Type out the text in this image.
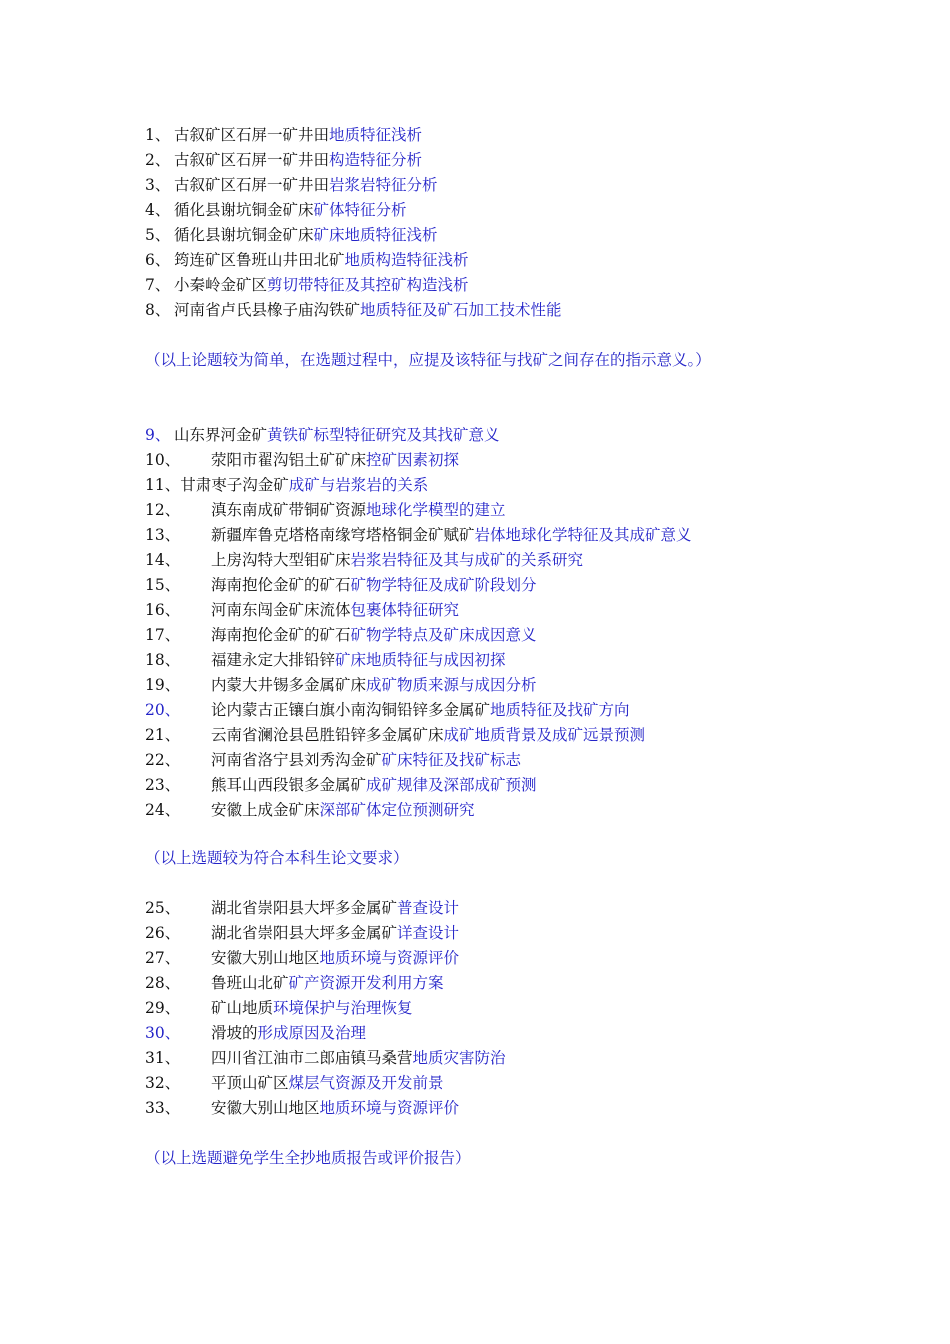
1、 古叙矿区石屏一矿井田地质特征浅析
2、 古叙矿区石屏一矿井田构造特征分析
3、 古叙矿区石屏一矿井田岩浆岩特征分析
4、 循化县谢坑铜金矿床矿体特征分析
5、 循化县谢坑铜金矿床矿床地质特征浅析
6、 筠连矿区鲁班山井田北矿地质构造特征浅析
7、 小秦岭金矿区剪切带特征及其控矿构造浅析
8、 河南省卢氏县橡子庙沟铁矿地质特征及矿石加工技术性能
（以上论题较为简单，在选题过程中，应提及该特征与找矿之间存在的指示意义。）
9、 山东界河金矿黄铁矿标型特征研究及其找矿意义
10、 荥阳市翟沟铝土矿矿床控矿因素初探
11、甘肃枣子沟金矿成矿与岩浆岩的关系
12、 滇东南成矿带铜矿资源地球化学模型的建立
13、 新疆库鲁克塔格南缘穹塔格铜金矿赋矿岩体地球化学特征及其成矿意义
14、 上房沟特大型钼矿床岩浆岩特征及其与成矿的关系研究
15、 海南抱伦金矿的矿石矿物学特征及成矿阶段划分
16、 河南东闯金矿床流体包裹体特征研究
17、 海南抱伦金矿的矿石矿物学特点及矿床成因意义
18、 福建永定大排铅锌矿床地质特征与成因初探
19、 内蒙大井锡多金属矿床成矿物质来源与成因分析
20、 论内蒙古正镶白旗小南沟铜铅锌多金属矿地质特征及找矿方向
21、 云南省澜沧县邑胜铅锌多金属矿床成矿地质背景及成矿远景预测
22、 河南省洛宁县刘秀沟金矿矿床特征及找矿标志
23、 熊耳山西段银多金属矿成矿规律及深部成矿预测
24、 安徽上成金矿床深部矿体定位预测研究
（以上选题较为符合本科生论文要求）
25、 湖北省崇阳县大坪多金属矿普查设计
26、 湖北省崇阳县大坪多金属矿详查设计
27、 安徽大别山地区地质环境与资源评价
28、 鲁班山北矿矿产资源开发利用方案
29、 矿山地质环境保护与治理恢复
30、 滑坡的形成原因及治理
31、 四川省江油市二郎庙镇马桑营地质灾害防治
32、 平顶山矿区煤层气资源及开发前景
33、 安徽大别山地区地质环境与资源评价
（以上选题避免学生全抄地质报告或评价报告）
